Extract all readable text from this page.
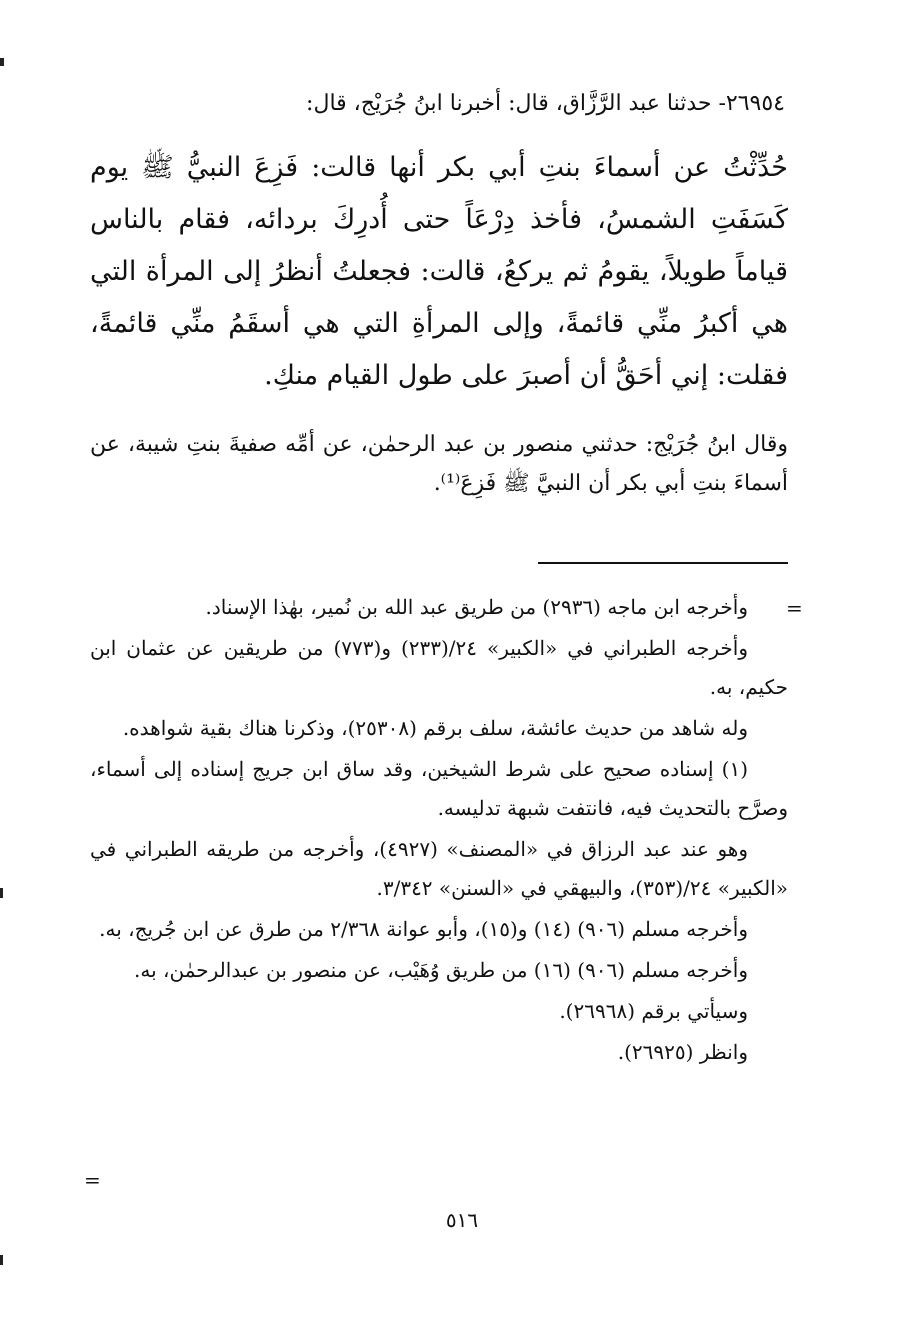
٢٦٩٥٤- حدثنا عبد الرَّزَّاق، قال: أخبرنا ابنُ جُرَيْج، قال:
حُدِّثْتُ عن أسماءَ بنتِ أبي بكر أنها قالت: فَزِعَ النبيُّ ﷺ يوم كَسَفَتِ الشمسُ، فأخذ دِرْعَاً حتى أُدرِكَ بردائه، فقام بالناس قياماً طويلاً، يقومُ ثم يركعُ، قالت: فجعلتُ أنظرُ إلى المرأة التي هي أكبرُ منِّي قائمةً، وإلى المرأةِ التي هي أسقَمُ منِّي قائمةً، فقلت: إني أحَقُّ أن أصبرَ على طول القيام منكِ.
وقال ابنُ جُرَيْج: حدثني منصور بن عبد الرحمٰن، عن أمِّه صفيةَ بنتِ شيبة، عن أسماءَ بنتِ أبي بكر أن النبيَّ ﷺ فَزِعَ⁽¹⁾.
=
وأخرجه ابن ماجه (٢٩٣٦) من طريق عبد الله بن نُمير، بهٰذا الإسناد.
وأخرجه الطبراني في «الكبير» ٢٤/(٢٣٣) و(٧٧٣) من طريقين عن عثمان ابن حكيم، به.
وله شاهد من حديث عائشة، سلف برقم (٢٥٣٠٨)، وذكرنا هناك بقية شواهده.
(١) إسناده صحيح على شرط الشيخين، وقد ساق ابن جريج إسناده إلى أسماء، وصرَّح بالتحديث فيه، فانتفت شبهة تدليسه.
وهو عند عبد الرزاق في «المصنف» (٤٩٢٧)، وأخرجه من طريقه الطبراني في «الكبير» ٢٤/(٣٥٣)، والبيهقي في «السنن» ٣/٣٤٢.
وأخرجه مسلم (٩٠٦) (١٤) و(١٥)، وأبو عوانة ٢/٣٦٨ من طرق عن ابن جُريج، به.
وأخرجه مسلم (٩٠٦) (١٦) من طريق وُهَيْب، عن منصور بن عبدالرحمٰن، به.
وسيأتي برقم (٢٦٩٦٨).
وانظر (٢٦٩٢٥).
=
٥١٦
